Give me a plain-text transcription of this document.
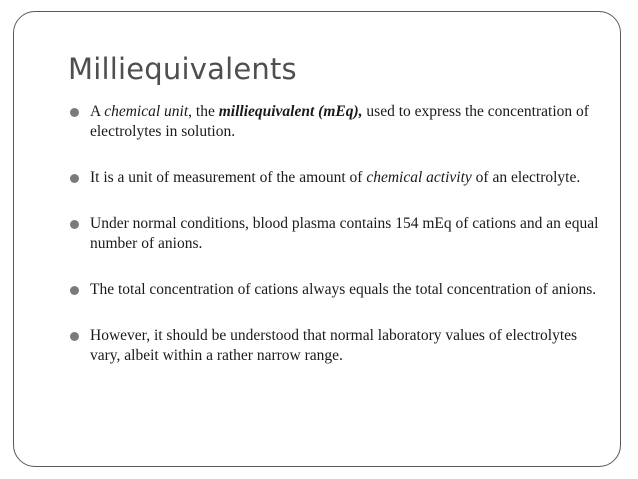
Milliequivalents
A chemical unit, the milliequivalent (mEq), used to express the concentration of electrolytes in solution.
It is a unit of measurement of the amount of chemical activity of an electrolyte.
Under normal conditions, blood plasma contains 154 mEq of cations and an equal number of anions.
The total concentration of cations always equals the total concentration of anions.
However, it should be understood that normal laboratory values of electrolytes vary, albeit within a rather narrow range.
